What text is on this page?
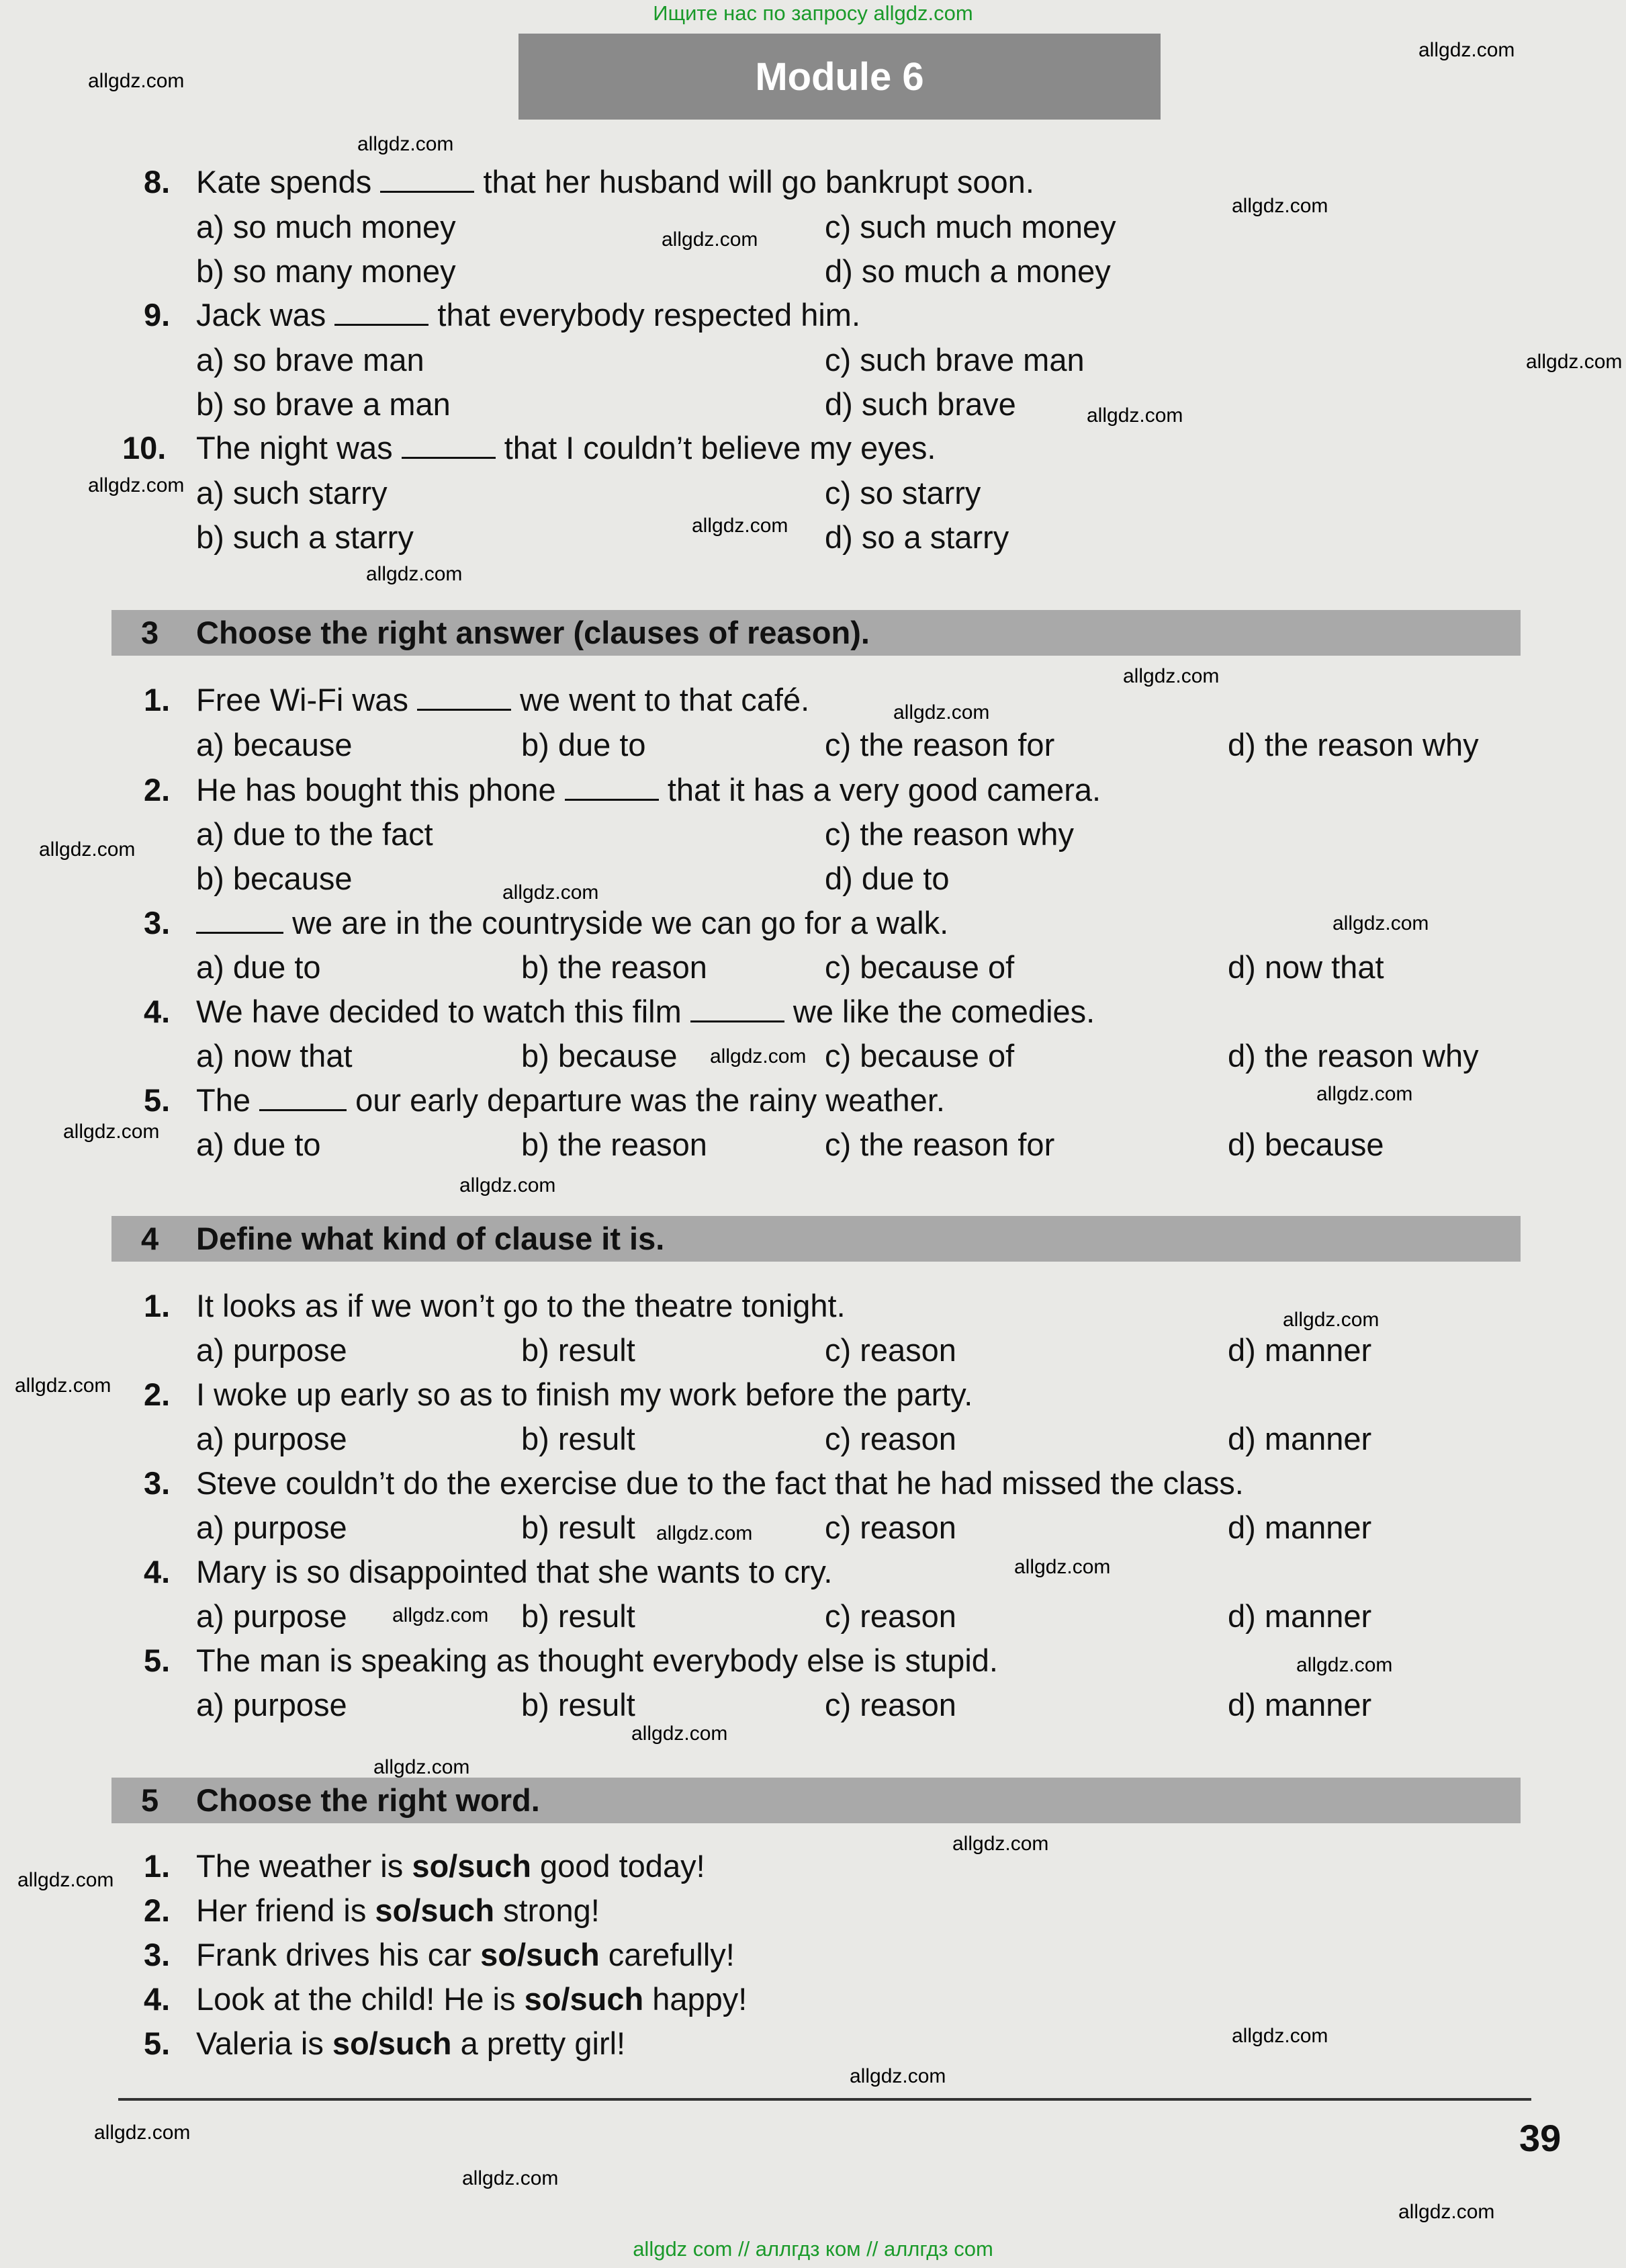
Ищите нас по запросу allgdz.com
Module 6
8. Kate spends	that her husband will go bankrupt soon.
a) so much money
b) so many money
c) such much money
d) so much a money
9. Jack was	that everybody respected him.
a) so brave man
b) so brave a man
c) such brave man
d) such brave
10. The night was	that I couldn’t believe my eyes.
a) such starry
b) such a starry
c) so starry
d) so a starry
3 Choose the right answer (clauses of reason).
1. Free Wi-Fi was	we went to that café.
a) because	b) due to	c) the reason for	d) the reason why
2. He has bought this phone	that it has a very good camera.
a) due to the fact
b) because
c) the reason why
d) due to
3.	we are in the countryside we can go for a walk.
a) due to	b) the reason	c) because of	d) now that
4. We have decided to watch this film	we like the comedies.
a) now that	b) because	c) because of	d) the reason why
5. The	our early departure was the rainy weather.
a) due to	b) the reason	c) the reason for	d) because
4 Define what kind of clause it is.
1. It looks as if we won’t go to the theatre tonight.
a) purpose	b) result	c) reason	d) manner
2. I woke up early so as to finish my work before the party.
a) purpose	b) result	c) reason	d) manner
3. Steve couldn’t do the exercise due to the fact that he had missed the class.
a) purpose	b) result	c) reason	d) manner
4. Mary is so disappointed that she wants to cry.
a) purpose	b) result	c) reason	d) manner
5. The man is speaking as thought everybody else is stupid.
a) purpose	b) result	c) reason	d) manner
5 Choose the right word.
1. The weather is so/such good today!
2. Her friend is so/such strong!
3. Frank drives his car so/such carefully!
4. Look at the child! He is so/such happy!
5. Valeria is so/such a pretty girl!
39
allgdz com // аллгдз ком // аллгдз com
allgdz.com
allgdz.com
allgdz.com
allgdz.com
allgdz.com
allgdz.com
allgdz.com
allgdz.com
allgdz.com
allgdz.com
allgdz.com
allgdz.com
allgdz.com
allgdz.com
allgdz.com
allgdz.com
allgdz.com
allgdz.com
allgdz.com
allgdz.com
allgdz.com
allgdz.com
allgdz.com
allgdz.com
allgdz.com
allgdz.com
allgdz.com
allgdz.com
allgdz.com
allgdz.com
allgdz.com
allgdz.com
allgdz.com
allgdz.com
